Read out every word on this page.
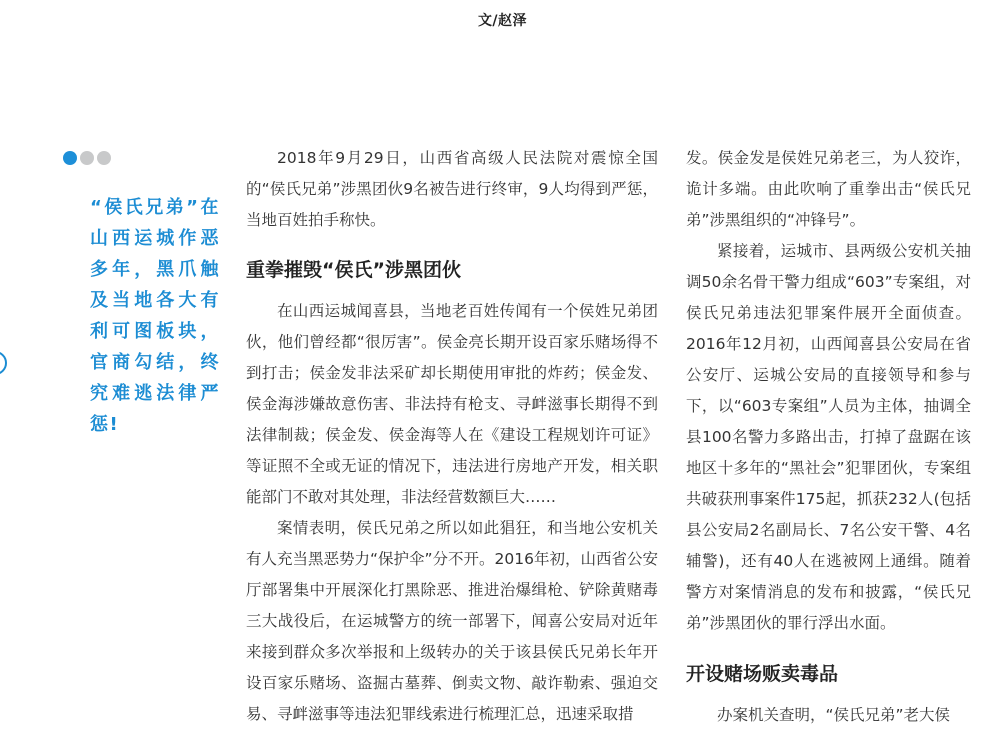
文/赵泽
“侯氏兄弟”在山西运城作恶多年，黑爪触及当地各大有利可图板块，官商勾结，终究难逃法律严惩!

2018年9月29日，山西省高级人民法院对震惊全国的“侯氏兄弟”涉黑团伙9名被告进行终审，9人均得到严惩，当地百姓拍手称快。

重拳摧毁“侯氏”涉黑团伙

在山西运城闻喜县，当地老百姓传闻有一个侯姓兄弟团伙，他们曾经都“很厉害”。侯金亮长期开设百家乐赌场得不到打击；侯金发非法采矿却长期使用审批的炸药；侯金发、侯金海涉嫌故意伤害、非法持有枪支、寻衅滋事长期得不到法律制裁；侯金发、侯金海等人在《建设工程规划许可证》等证照不全或无证的情况下，违法进行房地产开发，相关职能部门不敢对其处理，非法经营数额巨大……

案情表明，侯氏兄弟之所以如此猖狂，和当地公安机关有人充当黑恶势力“保护伞”分不开。2016年初，山西省公安厅部署集中开展深化打黑除恶、推进治爆缉枪、铲除黄赌毒三大战役后，在运城警方的统一部署下，闻喜公安局对近年来接到群众多次举报和上级转办的关于该县侯氏兄弟长年开设百家乐赌场、盗掘古墓葬、倒卖文物、敲诈勒索、强迫交易、寻衅滋事等违法犯罪线索进行梳理汇总，迅速采取措

发。侯金发是侯姓兄弟老三，为人狡诈，诡计多端。由此吹响了重拳出击“侯氏兄弟”涉黑组织的“冲锋号”。

紧接着，运城市、县两级公安机关抽调50余名骨干警力组成“603”专案组，对侯氏兄弟违法犯罪案件展开全面侦查。2016年12月初，山西闻喜县公安局在省公安厅、运城公安局的直接领导和参与下，以“603专案组”人员为主体，抽调全县100名警力多路出击，打掉了盘踞在该地区十多年的“黑社会”犯罪团伙，专案组共破获刑事案件175起，抓获232人(包括县公安局2名副局长、7名公安干警、4名辅警)，还有40人在逃被网上通缉。随着警方对案情消息的发布和披露，“侯氏兄弟”涉黑团伙的罪行浮出水面。

开设赌场贩卖毒品

办案机关查明，“侯氏兄弟”老大侯
